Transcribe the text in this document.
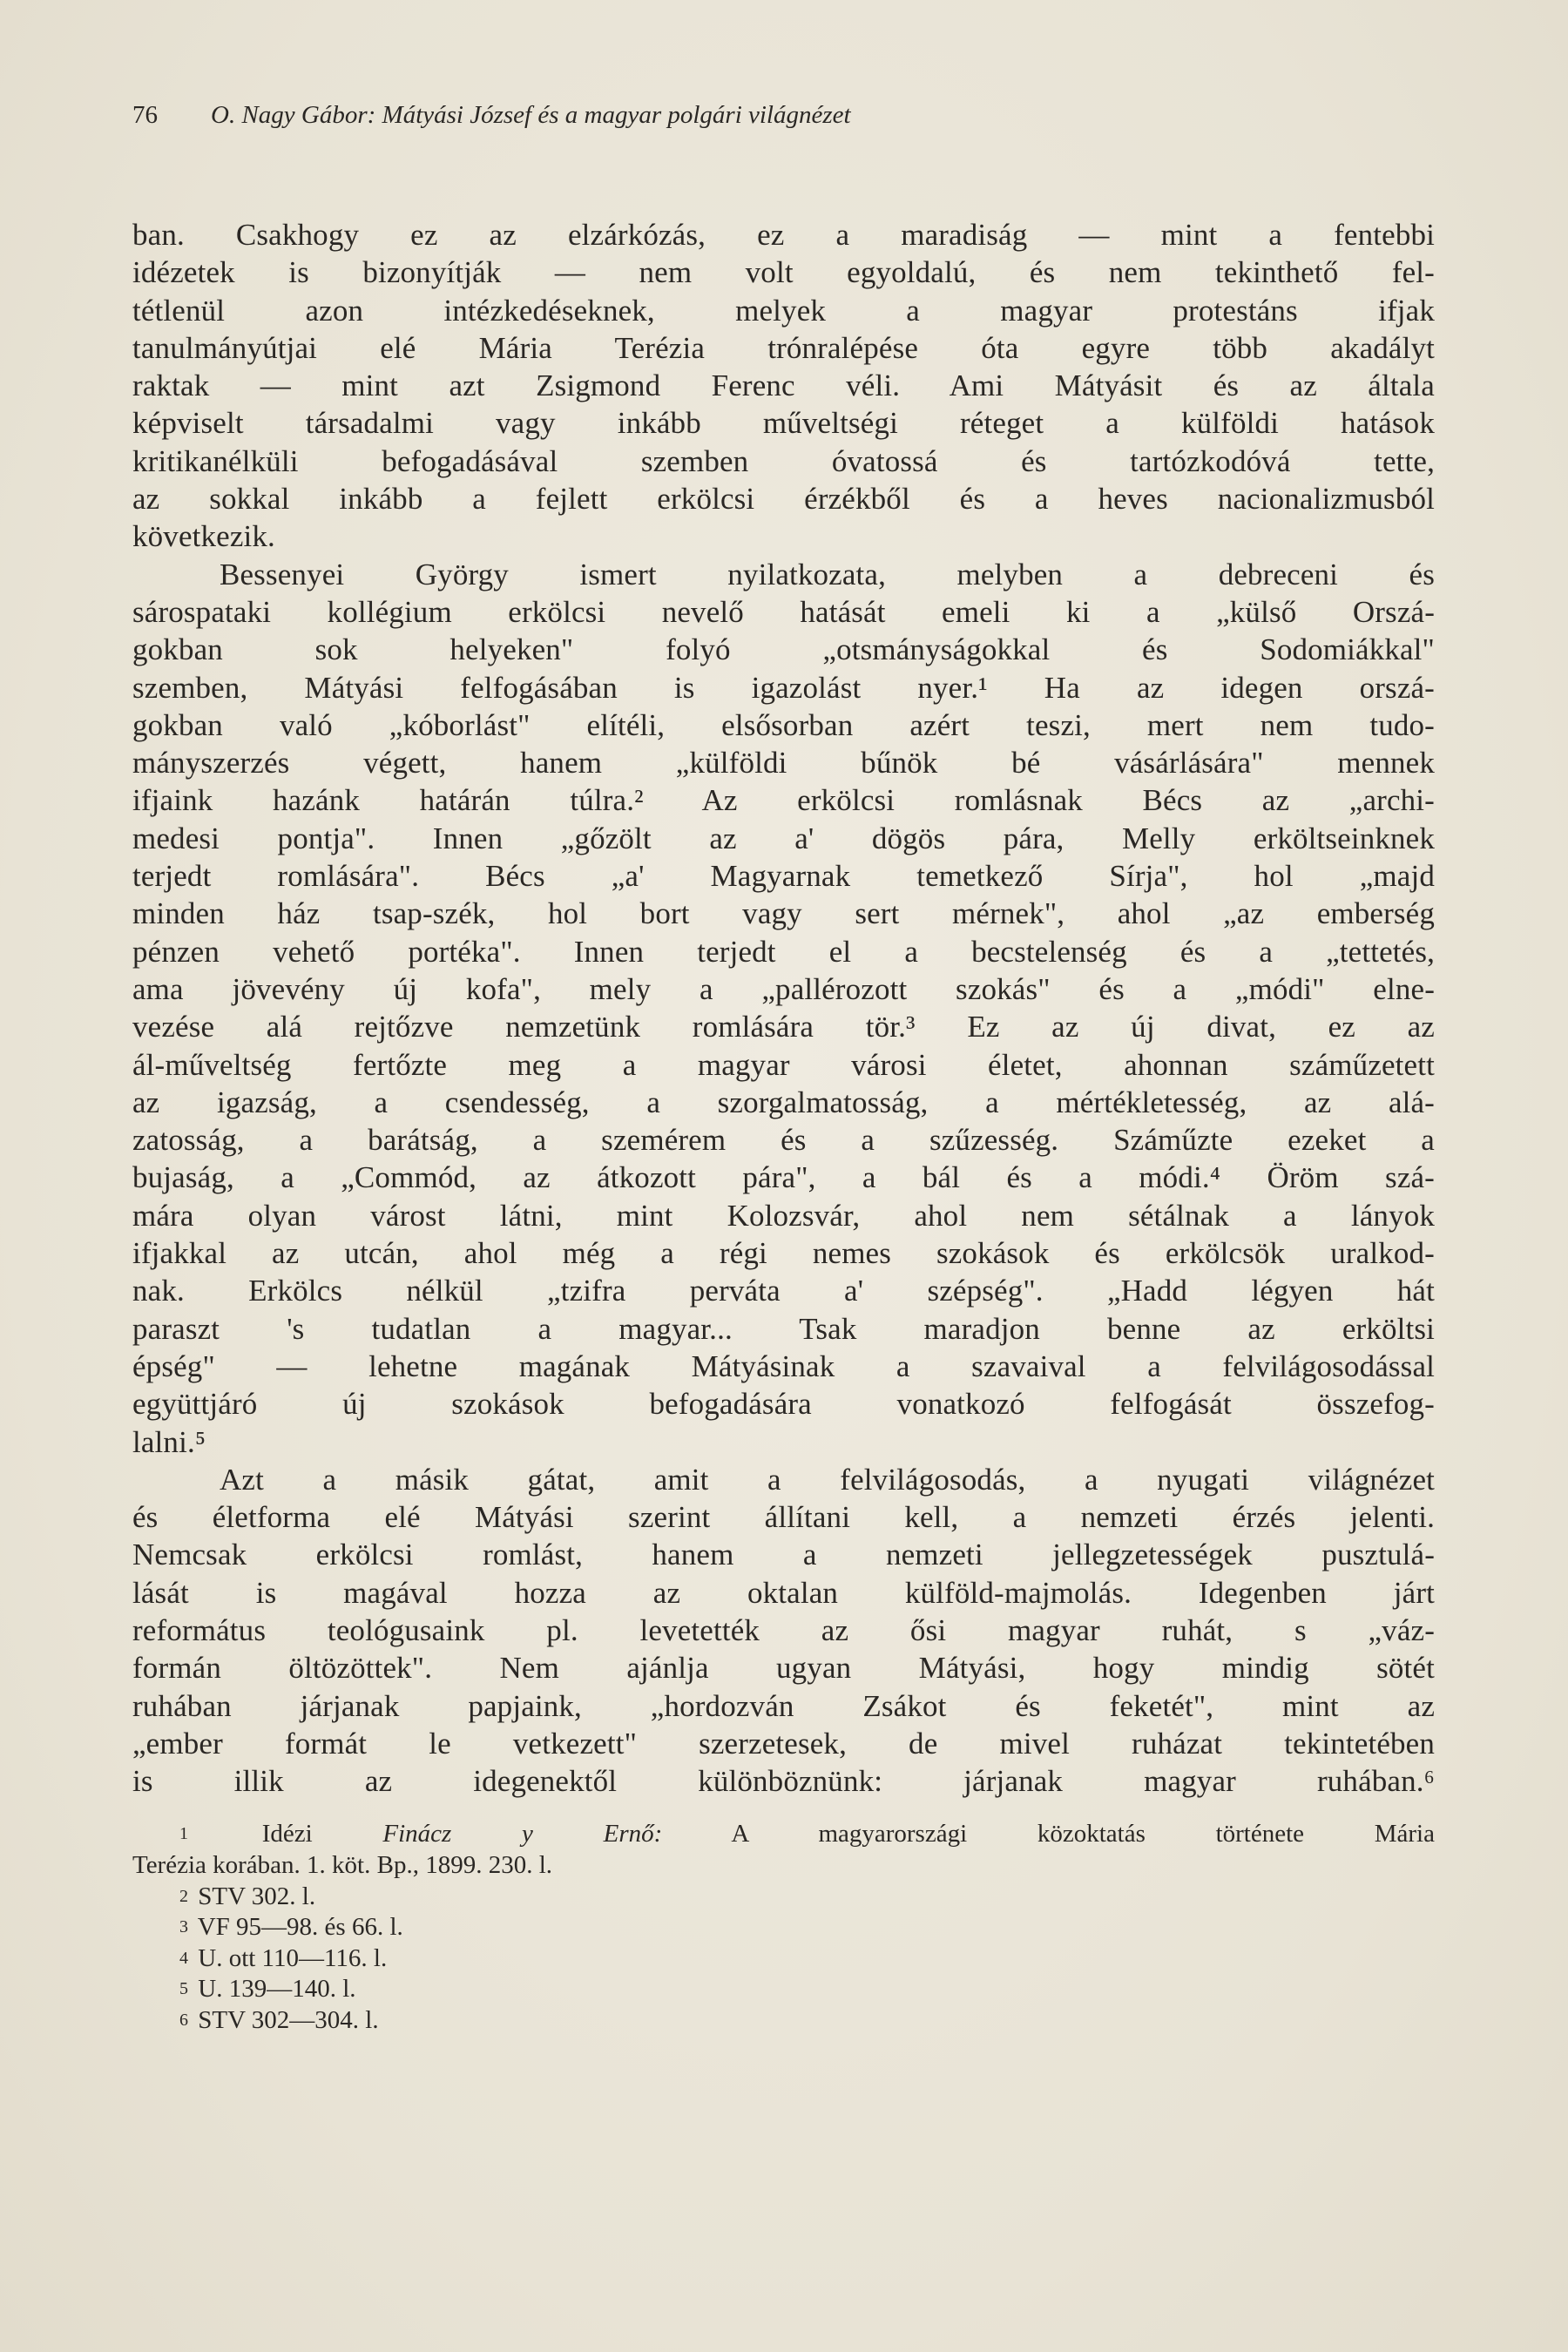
76 O. Nagy Gábor: Mátyási József és a magyar polgári világnézet
ban. Csakhogy ez az elzárkózás, ez a maradiság — mint a fentebbi
idézetek is bizonyítják — nem volt egyoldalú, és nem tekinthető fel-
tétlenül azon intézkedéseknek, melyek a magyar protestáns ifjak
tanulmányútjai elé Mária Terézia trónralépése óta egyre több akadályt
raktak — mint azt Zsigmond Ferenc véli. Ami Mátyásit és az általa
képviselt társadalmi vagy inkább műveltségi réteget a külföldi hatások
kritikanélküli befogadásával szemben óvatossá és tartózkodóvá tette,
az sokkal inkább a fejlett erkölcsi érzékből és a heves nacionalizmusból
következik.
Bessenyei György ismert nyilatkozata, melyben a debreceni és
sárospataki kollégium erkölcsi nevelő hatását emeli ki a „külső Orszá-
gokban sok helyeken" folyó „otsmányságokkal és Sodomiákkal"
szemben, Mátyási felfogásában is igazolást nyer.¹ Ha az idegen orszá-
gokban való „kóborlást" elítéli, elsősorban azért teszi, mert nem tudo-
mányszerzés végett, hanem „külföldi bűnök bé vásárlására" mennek
ifjaink hazánk határán túlra.² Az erkölcsi romlásnak Bécs az „archi-
medesi pontja". Innen „gőzölt az a' dögös pára, Melly erköltseinknek
terjedt romlására". Bécs „a' Magyarnak temetkező Sírja", hol „majd
minden ház tsap-szék, hol bort vagy sert mérnek", ahol „az emberség
pénzen vehető portéka". Innen terjedt el a becstelenség és a „tettetés,
ama jövevény új kofa", mely a „pallérozott szokás" és a „módi" elne-
vezése alá rejtőzve nemzetünk romlására tör.³ Ez az új divat, ez az
ál-műveltség fertőzte meg a magyar városi életet, ahonnan száműzetett
az igazság, a csendesség, a szorgalmatosság, a mértékletesség, az alá-
zatosság, a barátság, a szemérem és a szűzesség. Száműzte ezeket a
bujaság, a „Commód, az átkozott pára", a bál és a módi.⁴ Öröm szá-
mára olyan várost látni, mint Kolozsvár, ahol nem sétálnak a lányok
ifjakkal az utcán, ahol még a régi nemes szokások és erkölcsök uralkod-
nak. Erkölcs nélkül „tzifra perváta a' szépség". „Hadd légyen hát
paraszt 's tudatlan a magyar... Tsak maradjon benne az erköltsi
épség" — lehetne magának Mátyásinak a szavaival a felvilágosodással
együttjáró új szokások befogadására vonatkozó felfogását összefog-
lalni.⁵
Azt a másik gátat, amit a felvilágosodás, a nyugati világnézet
és életforma elé Mátyási szerint állítani kell, a nemzeti érzés jelenti.
Nemcsak erkölcsi romlást, hanem a nemzeti jellegzetességek pusztulá-
lását is magával hozza az oktalan külföld-majmolás. Idegenben járt
református teológusaink pl. levetették az ősi magyar ruhát, s „váz-
formán öltözöttek". Nem ajánlja ugyan Mátyási, hogy mindig sötét
ruhában járjanak papjaink, „hordozván Zsákot és feketét", mint az
„ember formát le vetkezett" szerzetesek, de mivel ruházat tekintetében
is illik az idegenektől különböznünk: járjanak magyar ruhában.⁶
1 Idézi Finácz y Ernő: A magyarországi közoktatás története Mária
Terézia korában. 1. köt. Bp., 1899. 230. l.
2 STV 302. l.
3 VF 95—98. és 66. l.
4 U. ott 110—116. l.
5 U. 139—140. l.
6 STV 302—304. l.
